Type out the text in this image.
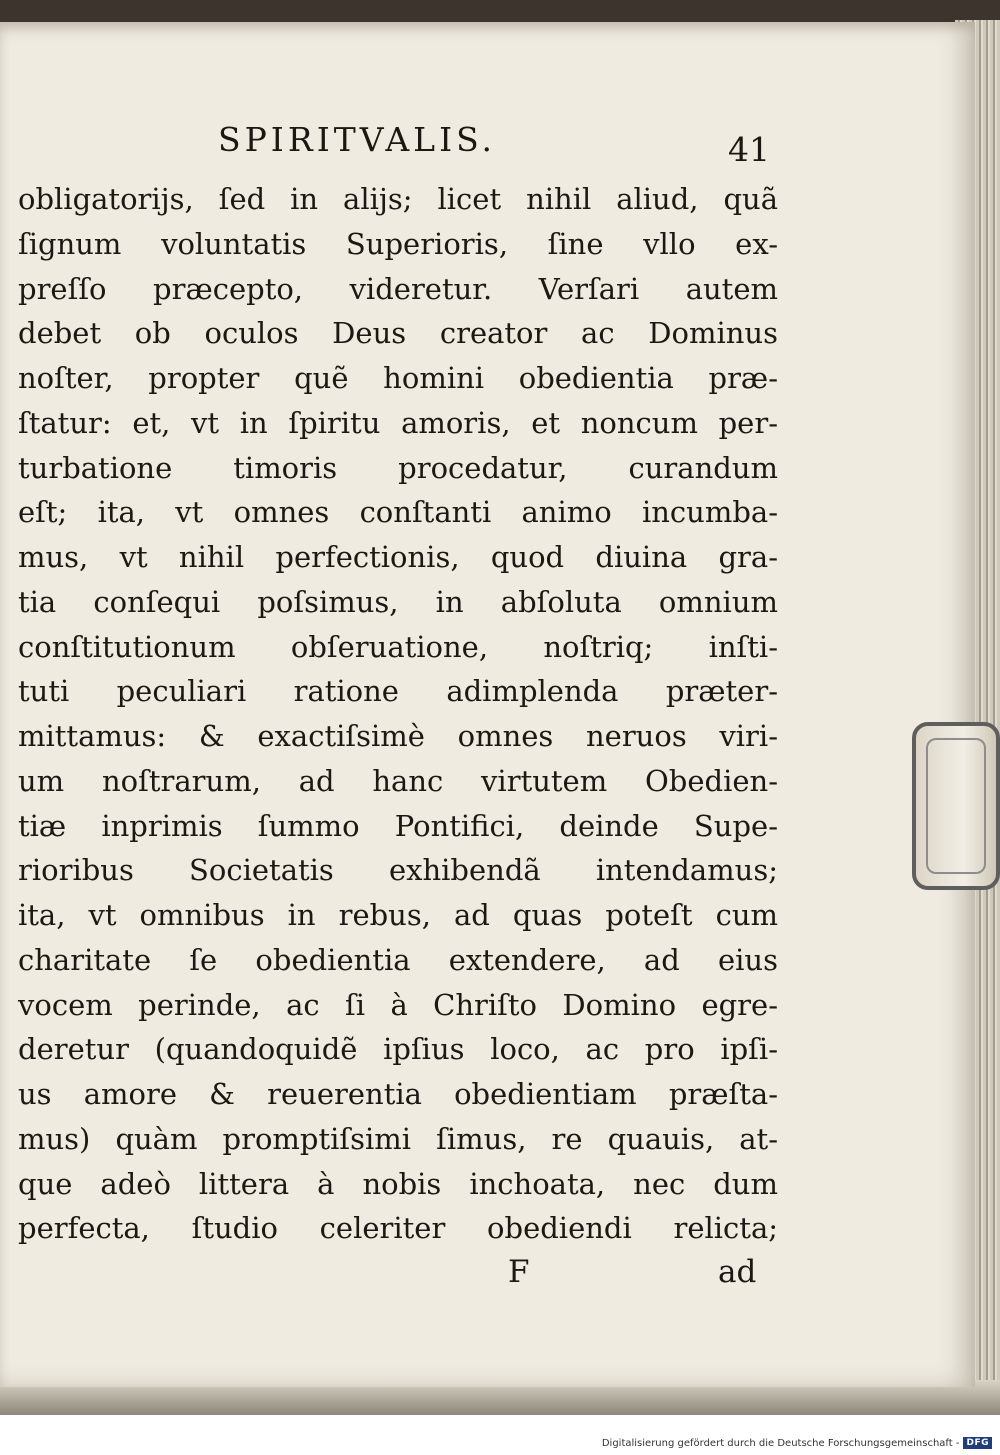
SPIRITVALIS.	41
obligatorijs, ſed in alijs; licet nihil aliud, quã
ſignum voluntatis Superioris, ſine vllo ex-
preſſo præcepto, videretur. Verſari autem
debet ob oculos Deus creator ac Dominus
noſter, propter quẽ homini obedientia præ-
ſtatur: et, vt in ſpiritu amoris, et noncum per-
turbatione timoris procedatur, curandum
eſt; ita, vt omnes conſtanti animo incumba-
mus, vt nihil perfectionis, quod diuina gra-
tia conſequi poſsimus, in abſoluta omnium
conſtitutionum obſeruatione, noſtriq; inſti-
tuti peculiari ratione adimplenda præter-
mittamus: & exactiſsimè omnes neruos viri-
um noſtrarum, ad hanc virtutem Obedien-
tiæ inprimis ſummo Pontifici, deinde Supe-
rioribus Societatis exhibendã intendamus;
ita, vt omnibus in rebus, ad quas poteſt cum
charitate ſe obedientia extendere, ad eius
vocem perinde, ac ſi à Chriſto Domino egre-
deretur (quandoquidẽ ipſius loco, ac pro ipſi-
us amore & reuerentia obedientiam præſta-
mus) quàm promptiſsimi ſimus, re quauis, at-
que adeò littera à nobis inchoata, nec dum
perfecta, ſtudio celeriter obediendi relicta;
F	ad
Digitalisierung gefördert durch die Deutsche Forschungsgemeinschaft - DFG
